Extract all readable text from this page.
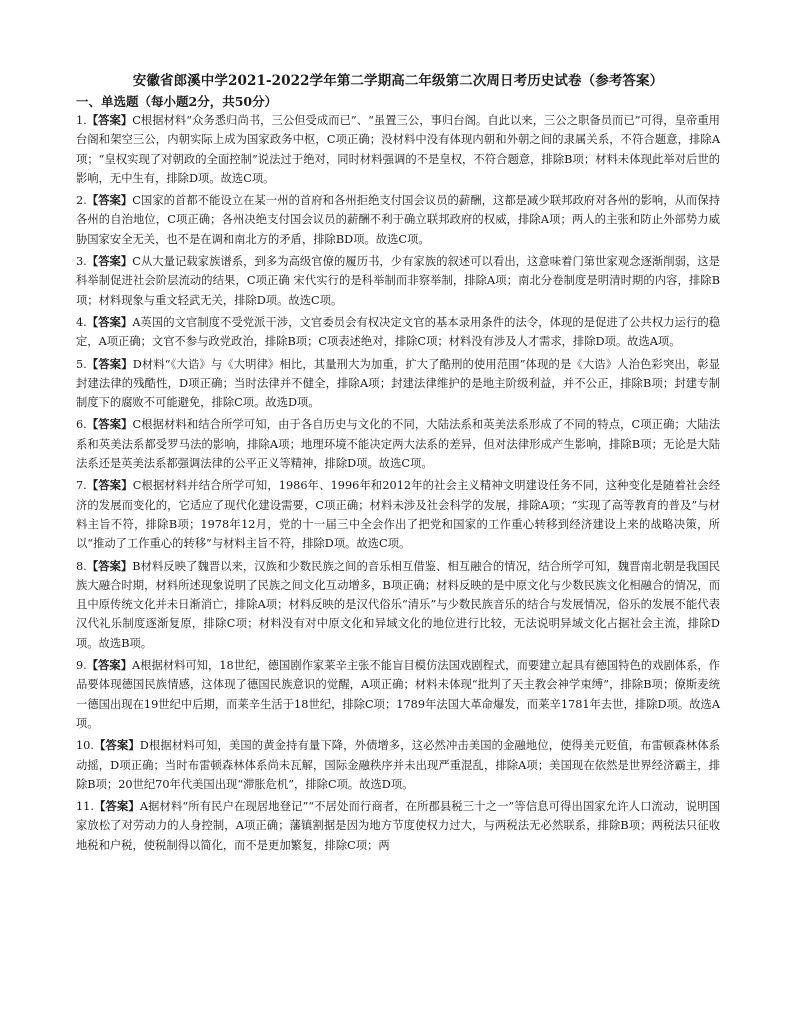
安徽省郎溪中学2021-2022学年第二学期高二年级第二次周日考历史试卷（参考答案）
一、单选题（每小题2分，共50分）

1.【答案】C根据材料“众务悉归尚书，三公但受成而已”、“虽置三公，事归台阁。自此以来，三公之职备员而已”可得，皇帝重用台阁和架空三公，内朝实际上成为国家政务中枢，C项正确；没材料中没有体现内朝和外朝之间的隶属关系，不符合题意，排除A项；“皇权实现了对朝政的全面控制”说法过于绝对，同时材料强调的不是皇权，不符合题意，排除B项；材料未体现此举对后世的影响，无中生有，排除D项。故选C项。

2.【答案】C国家的首都不能设立在某一州的首府和各州拒绝支付国会议员的薪酬，这都是减少联邦政府对各州的影响，从而保持各州的自治地位，C项正确；各州决绝支付国会议员的薪酬不利于确立联邦政府的权威，排除A项；两人的主张和防止外部势力威胁国家安全无关，也不是在调和南北方的矛盾，排除BD项。故选C项。

3.【答案】C从大量记载家族谱系，到多为高级官僚的履历书，少有家族的叙述可以看出，这意味着门第世家观念逐渐削弱，这是科举制促进社会阶层流动的结果，C项正确 宋代实行的是科举制而非察举制，排除A项；南北分卷制度是明清时期的内容，排除B项；材料现象与重文轻武无关，排除D项。故选C项。

4.【答案】A英国的文官制度不受党派干涉，文官委员会有权决定文官的基本录用条件的法令，体现的是促进了公共权力运行的稳定，A项正确；文官不参与政党政治，排除B项；C项表述绝对，排除C项；材料没有涉及人才需求，排除D项。故选A项。

5.【答案】D材料“《大诰》与《大明律》相比，其量刑大为加重，扩大了酷刑的使用范围”体现的是《大诰》人治色彩突出，彰显封建法律的残酷性，D项正确；当时法律并不健全，排除A项；封建法律维护的是地主阶级利益，并不公正，排除B项；封建专制制度下的腐败不可能避免，排除C项。故选D项。

6.【答案】C根据材料和结合所学可知，由于各自历史与文化的不同，大陆法系和英美法系形成了不同的特点，C项正确；大陆法系和英美法系都受罗马法的影响，排除A项；地理环境不能决定两大法系的差异，但对法律形成产生影响，排除B项；无论是大陆法系还是英美法系都强调法律的公平正义等精神，排除D项。故选C项。

7.【答案】C根据材料并结合所学可知，1986年、1996年和2012年的社会主义精神文明建设任务不同，这种变化是随着社会经济的发展而变化的，它适应了现代化建设需要，C项正确；材料未涉及社会科学的发展，排除A项；“实现了高等教育的普及”与材料主旨不符，排除B项；1978年12月，党的十一届三中全会作出了把党和国家的工作重心转移到经济建设上来的战略决策，所以“推动了工作重心的转移”与材料主旨不符，排除D项。故选C项。

8.【答案】B材料反映了魏晋以来，汉族和少数民族之间的音乐相互借鉴、相互融合的情况，结合所学可知，魏晋南北朝是我国民族大融合时期，材料所述现象说明了民族之间文化互动增多，B项正确；材料反映的是中原文化与少数民族文化相融合的情况，而且中原传统文化并未日渐消亡，排除A项；材料反映的是汉代俗乐“清乐”与少数民族音乐的结合与发展情况，俗乐的发展不能代表汉代礼乐制度逐渐复原，排除C项；材料没有对中原文化和异域文化的地位进行比较，无法说明异域文化占据社会主流，排除D项。故选B项。

9.【答案】A根据材料可知，18世纪，德国剧作家莱辛主张不能盲目模仿法国戏剧程式，而要建立起具有德国特色的戏剧体系，作品要体现德国民族情感，这体现了德国民族意识的觉醒，A项正确；材料未体现“批判了天主教会神学束缚”，排除B项；僚斯麦统一德国出现在19世纪中后期，而莱辛生活于18世纪，排除C项；1789年法国大革命爆发，而莱辛1781年去世，排除D项。故选A项。

10.【答案】D根据材料可知，美国的黄金持有量下降，外债增多，这必然冲击美国的金融地位，使得美元贬值，布雷顿森林体系动摇，D项正确；当时布雷顿森林体系尚未瓦解，国际金融秩序并未出现严重混乱，排除A项；美国现在依然是世界经济霸主，排除B项；20世纪70年代美国出现“滞胀危机”，排除C项。故选D项。

11.【答案】A据材料“所有民户在现居地登记”“不居处而行商者，在所郡县税三十之一”等信息可得出国家允许人口流动，说明国家放松了对劳动力的人身控制，A项正确；藩镇割据是因为地方节度使权力过大，与两税法无必然联系，排除B项；两税法只征收地税和户税，使税制得以简化，而不是更加繁复，排除C项；两
